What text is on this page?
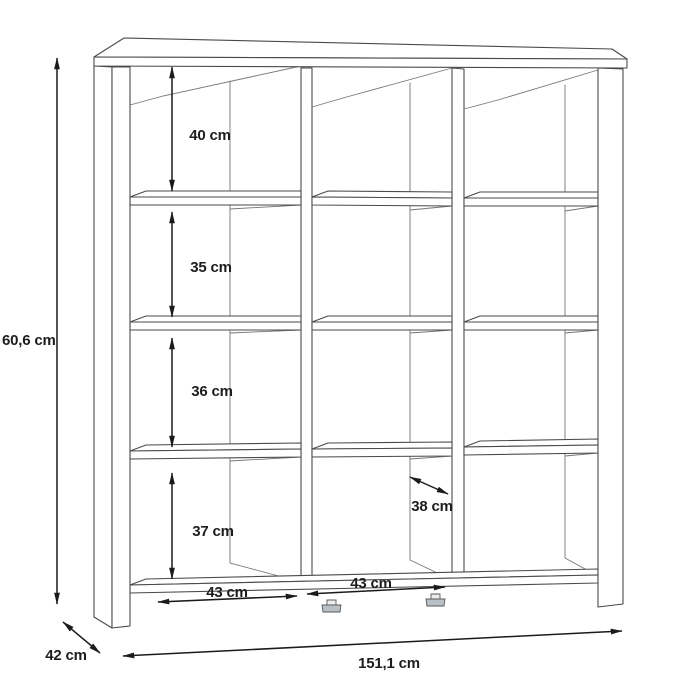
40 cm
35 cm
36 cm
37 cm
60,6 cm
43 cm
43 cm
38 cm
42 cm	151,1 cm
